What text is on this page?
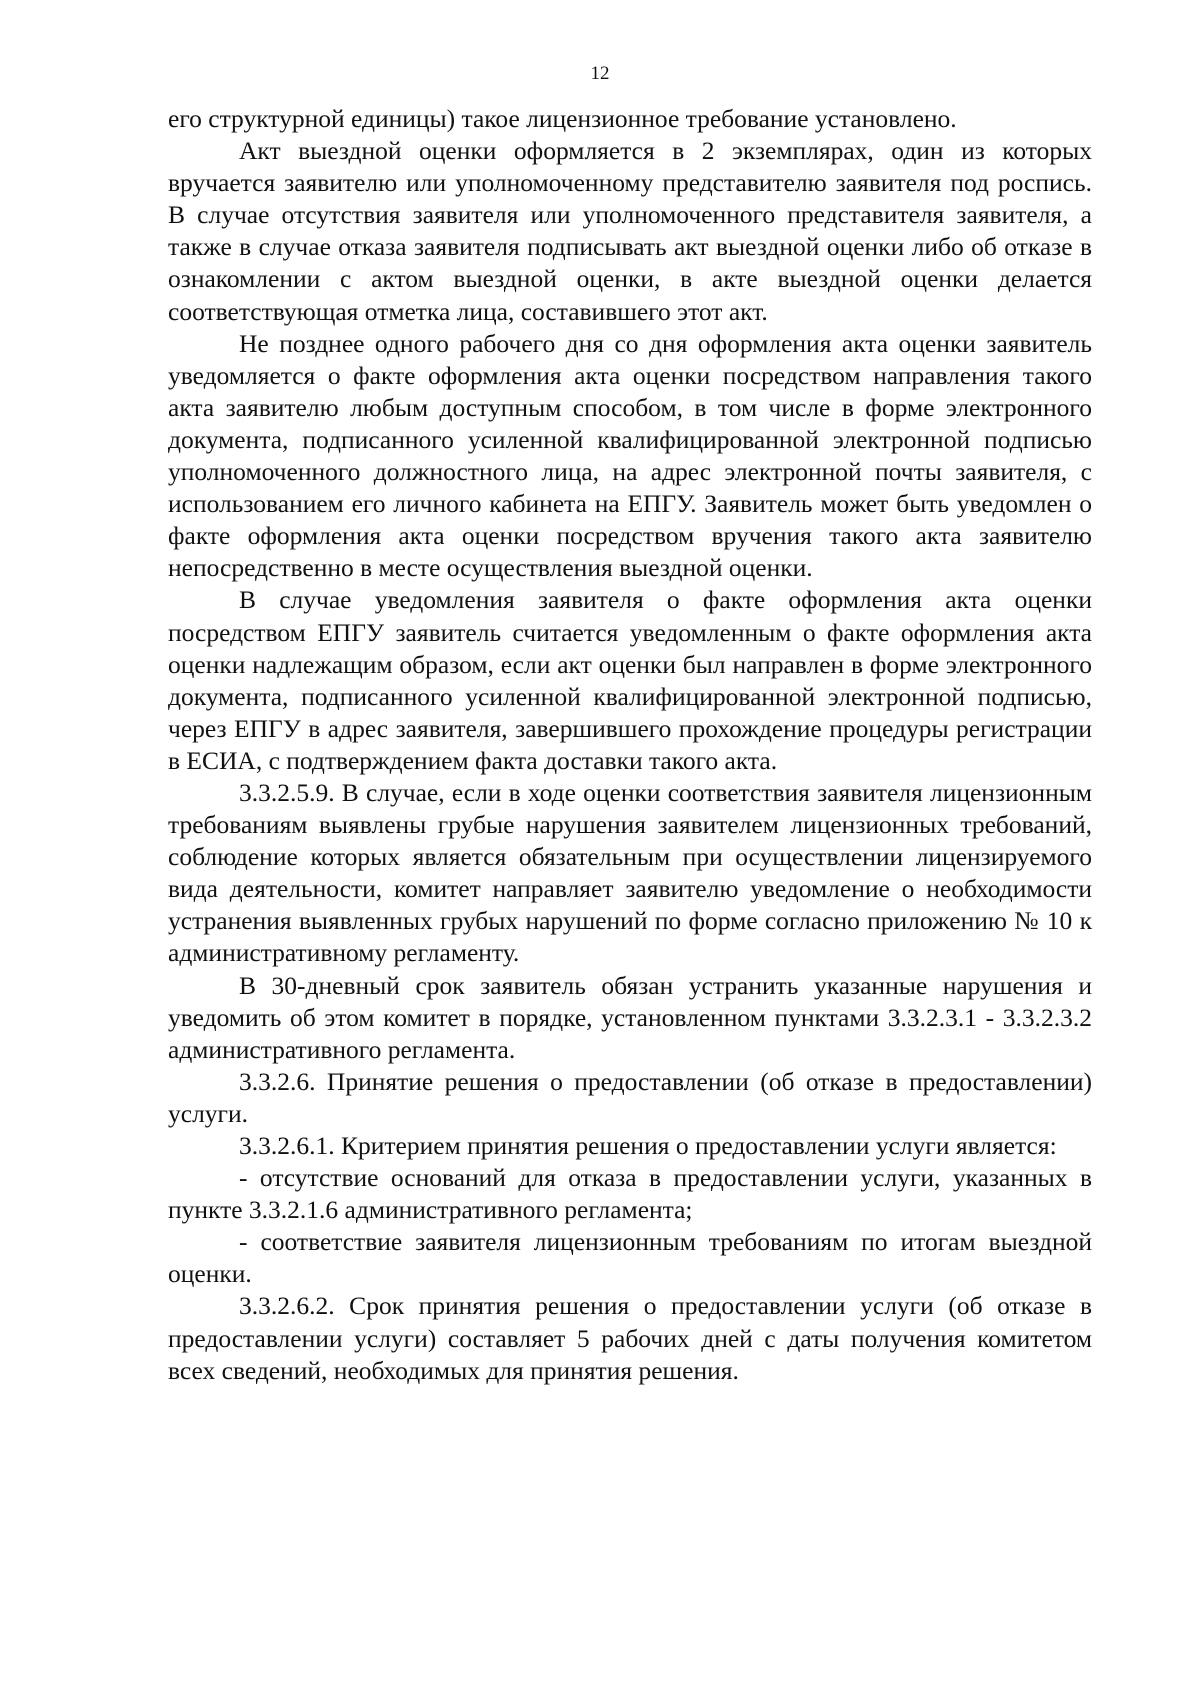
12

его структурной единицы) такое лицензионное требование установлено.

Акт выездной оценки оформляется в 2 экземплярах, один из которых вручается заявителю или уполномоченному представителю заявителя под роспись. В случае отсутствия заявителя или уполномоченного представителя заявителя, а также в случае отказа заявителя подписывать акт выездной оценки либо об отказе в ознакомлении с актом выездной оценки, в акте выездной оценки делается соответствующая отметка лица, составившего этот акт.

Не позднее одного рабочего дня со дня оформления акта оценки заявитель уведомляется о факте оформления акта оценки посредством направления такого акта заявителю любым доступным способом, в том числе в форме электронного документа, подписанного усиленной квалифицированной электронной подписью уполномоченного должностного лица, на адрес электронной почты заявителя, с использованием его личного кабинета на ЕПГУ. Заявитель может быть уведомлен о факте оформления акта оценки посредством вручения такого акта заявителю непосредственно в месте осуществления выездной оценки.

В случае уведомления заявителя о факте оформления акта оценки посредством ЕПГУ заявитель считается уведомленным о факте оформления акта оценки надлежащим образом, если акт оценки был направлен в форме электронного документа, подписанного усиленной квалифицированной электронной подписью, через ЕПГУ в адрес заявителя, завершившего прохождение процедуры регистрации в ЕСИА, с подтверждением факта доставки такого акта.

3.3.2.5.9. В случае, если в ходе оценки соответствия заявителя лицензионным требованиям выявлены грубые нарушения заявителем лицензионных требований, соблюдение которых является обязательным при осуществлении лицензируемого вида деятельности, комитет направляет заявителю уведомление о необходимости устранения выявленных грубых нарушений по форме согласно приложению № 10 к административному регламенту.

В 30-дневный срок заявитель обязан устранить указанные нарушения и уведомить об этом комитет в порядке, установленном пунктами 3.3.2.3.1 - 3.3.2.3.2 административного регламента.

3.3.2.6. Принятие решения о предоставлении (об отказе в предоставлении) услуги.

3.3.2.6.1. Критерием принятия решения о предоставлении услуги является:

- отсутствие оснований для отказа в предоставлении услуги, указанных в пункте 3.3.2.1.6 административного регламента;

- соответствие заявителя лицензионным требованиям по итогам выездной оценки.

3.3.2.6.2. Срок принятия решения о предоставлении услуги (об отказе в предоставлении услуги) составляет 5 рабочих дней с даты получения комитетом всех сведений, необходимых для принятия решения.
